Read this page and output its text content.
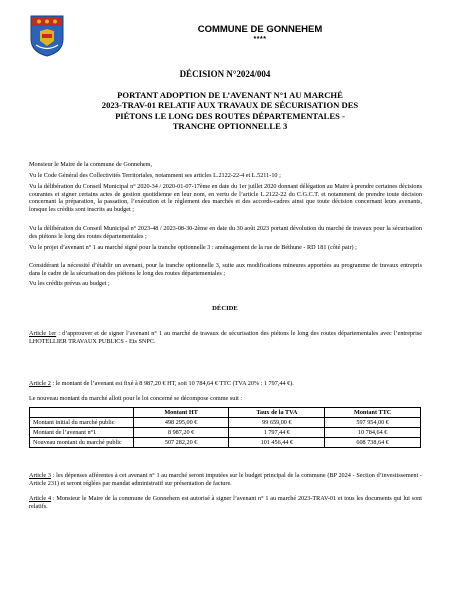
COMMUNE DE GONNEHEM
****
DÉCISION N°2024/004
PORTANT ADOPTION DE L’AVENANT N°1 AU MARCHÉ
2023-TRAV-01 RELATIF AUX TRAVAUX DE SÉCURISATION DES
PIÉTONS LE LONG DES ROUTES DÉPARTEMENTALES -
TRANCHE OPTIONNELLE 3
Monsieur le Maire de la commune de Gonnehem,
Vu le Code Général des Collectivités Territoriales, notamment ses articles L.2122-22-4 et L.5211-10 ;
Vu la délibération du Conseil Municipal n° 2020-34 / 2020-01-07-17ème en date du 1er juillet 2020 donnant délégation au Maire à prendre certaines décisions courantes et signer certains actes de gestion quotidienne en leur nom, en vertu de l’article L.2122-22 du C.G.C.T. et notamment de prendre toute décision concernant la préparation, la passation, l’exécution et le règlement des marchés et des accords-cadres ainsi que toute décision concernant leurs avenants, lorsque les crédits sont inscrits au budget ;
Vu la délibération du Conseil Municipal n° 2023-48 / 2023-08-30-2ème en date du 30 août 2023 portant dévolution du marché de travaux pour la sécurisation des piétons le long des routes départementales ;
Vu le projet d’avenant n° 1 au marché signé pour la tranche optionnelle 3 : aménagement de la rue de Béthune - RD 181 (côté pair) ;
Considérant la nécessité d’établir un avenant, pour la tranche optionnelle 3, suite aux modifications mineures apportées au programme de travaux entrepris dans le cadre de la sécurisation des piétons le long des routes départementales ;
Vu les crédits prévus au budget ;
DÉCIDE
Article 1er : d’approuver et de signer l’avenant n° 1 au marché de travaux de sécurisation des piétons le long des routes départementales avec l’entreprise LHOTELLIER TRAVAUX PUBLICS - Ets SNPC.
Article 2 : le montant de l’avenant est fixé à 8 987,20 € HT, soit 10 784,64 € TTC (TVA 20% : 1 797,44 €).
Le nouveau montant du marché alloti pour le lot concerné se décompose comme suit :
	Montant HT	Taux de la TVA	Montant TTC
Montant initial du marché public	498 295,00 €	99 659,00 €	597 954,00 €
Montant de l’avenant n°1	8 987,20 €	1 797,44 €	10 784,64 €
Nouveau montant du marché public	507 282,20 €	101 456,44 €	608 738,64 €
Article 3 : les dépenses afférentes à cet avenant n° 1 au marché seront imputées sur le budget principal de la commune (BP 2024 - Section d’investissement - Article 231) et seront réglées par mandat administratif sur présentation de facture.
Article 4 : Monsieur le Maire de la commune de Gonnehem est autorisé à signer l’avenant n° 1 au marché 2023-TRAV-01 et tous les documents qui lui sont relatifs.
